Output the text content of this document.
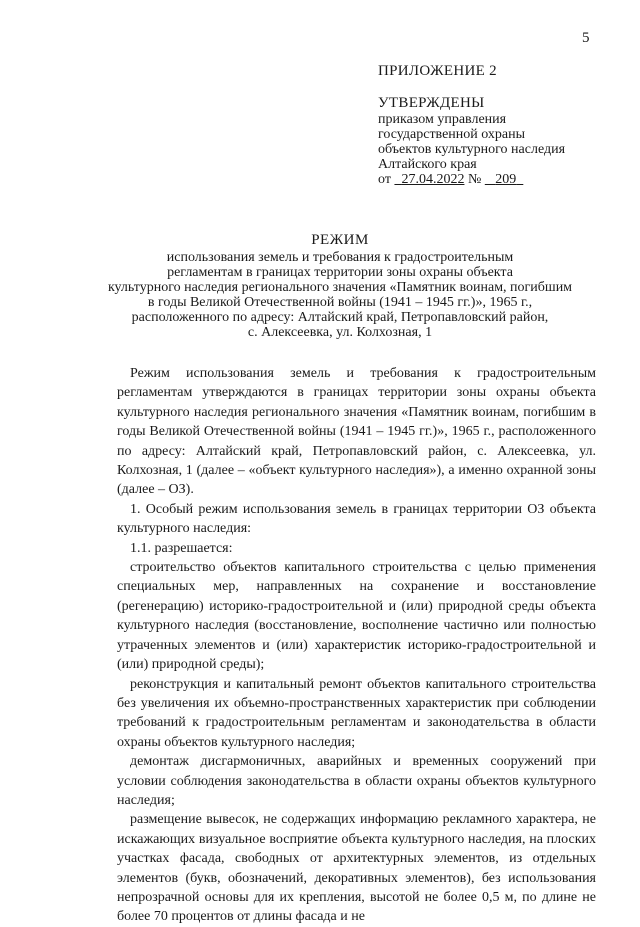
5
ПРИЛОЖЕНИЕ 2
УТВЕРЖДЕНЫ
приказом управления
государственной охраны
объектов культурного наследия
Алтайского края
от 27.04.2022 № 209
РЕЖИМ
использования земель и требования к градостроительным
регламентам в границах территории зоны охраны объекта
культурного наследия регионального значения «Памятник воинам, погибшим
в годы Великой Отечественной войны (1941 – 1945 гг.)», 1965 г.,
расположенного по адресу: Алтайский край, Петропавловский район,
с. Алексеевка, ул. Колхозная, 1

Режим использования земель и требования к градостроительным регламентам утверждаются в границах территории зоны охраны объекта культурного наследия регионального значения «Памятник воинам, погибшим в годы Великой Отечественной войны (1941 – 1945 гг.)», 1965 г., расположенного по адресу: Алтайский край, Петропавловский район, с. Алексеевка, ул. Колхозная, 1 (далее – «объект культурного наследия»), а именно охранной зоны (далее – ОЗ).

1. Особый режим использования земель в границах территории ОЗ объекта культурного наследия:

1.1. разрешается:

строительство объектов капитального строительства с целью применения специальных мер, направленных на сохранение и восстановление (регенерацию) историко-градостроительной и (или) природной среды объекта культурного наследия (восстановление, восполнение частично или полностью утраченных элементов и (или) характеристик историко-градостроительной и (или) природной среды);

реконструкция и капитальный ремонт объектов капитального строительства без увеличения их объемно-пространственных характеристик при соблюдении требований к градостроительным регламентам и законодательства в области охраны объектов культурного наследия;

демонтаж дисгармоничных, аварийных и временных сооружений при условии соблюдения законодательства в области охраны объектов культурного наследия;

размещение вывесок, не содержащих информацию рекламного характера, не искажающих визуальное восприятие объекта культурного наследия, на плоских участках фасада, свободных от архитектурных элементов, из отдельных элементов (букв, обозначений, декоративных элементов), без использования непрозрачной основы для их крепления, высотой не более 0,5 м, по длине не более 70 процентов от длины фасада и не
